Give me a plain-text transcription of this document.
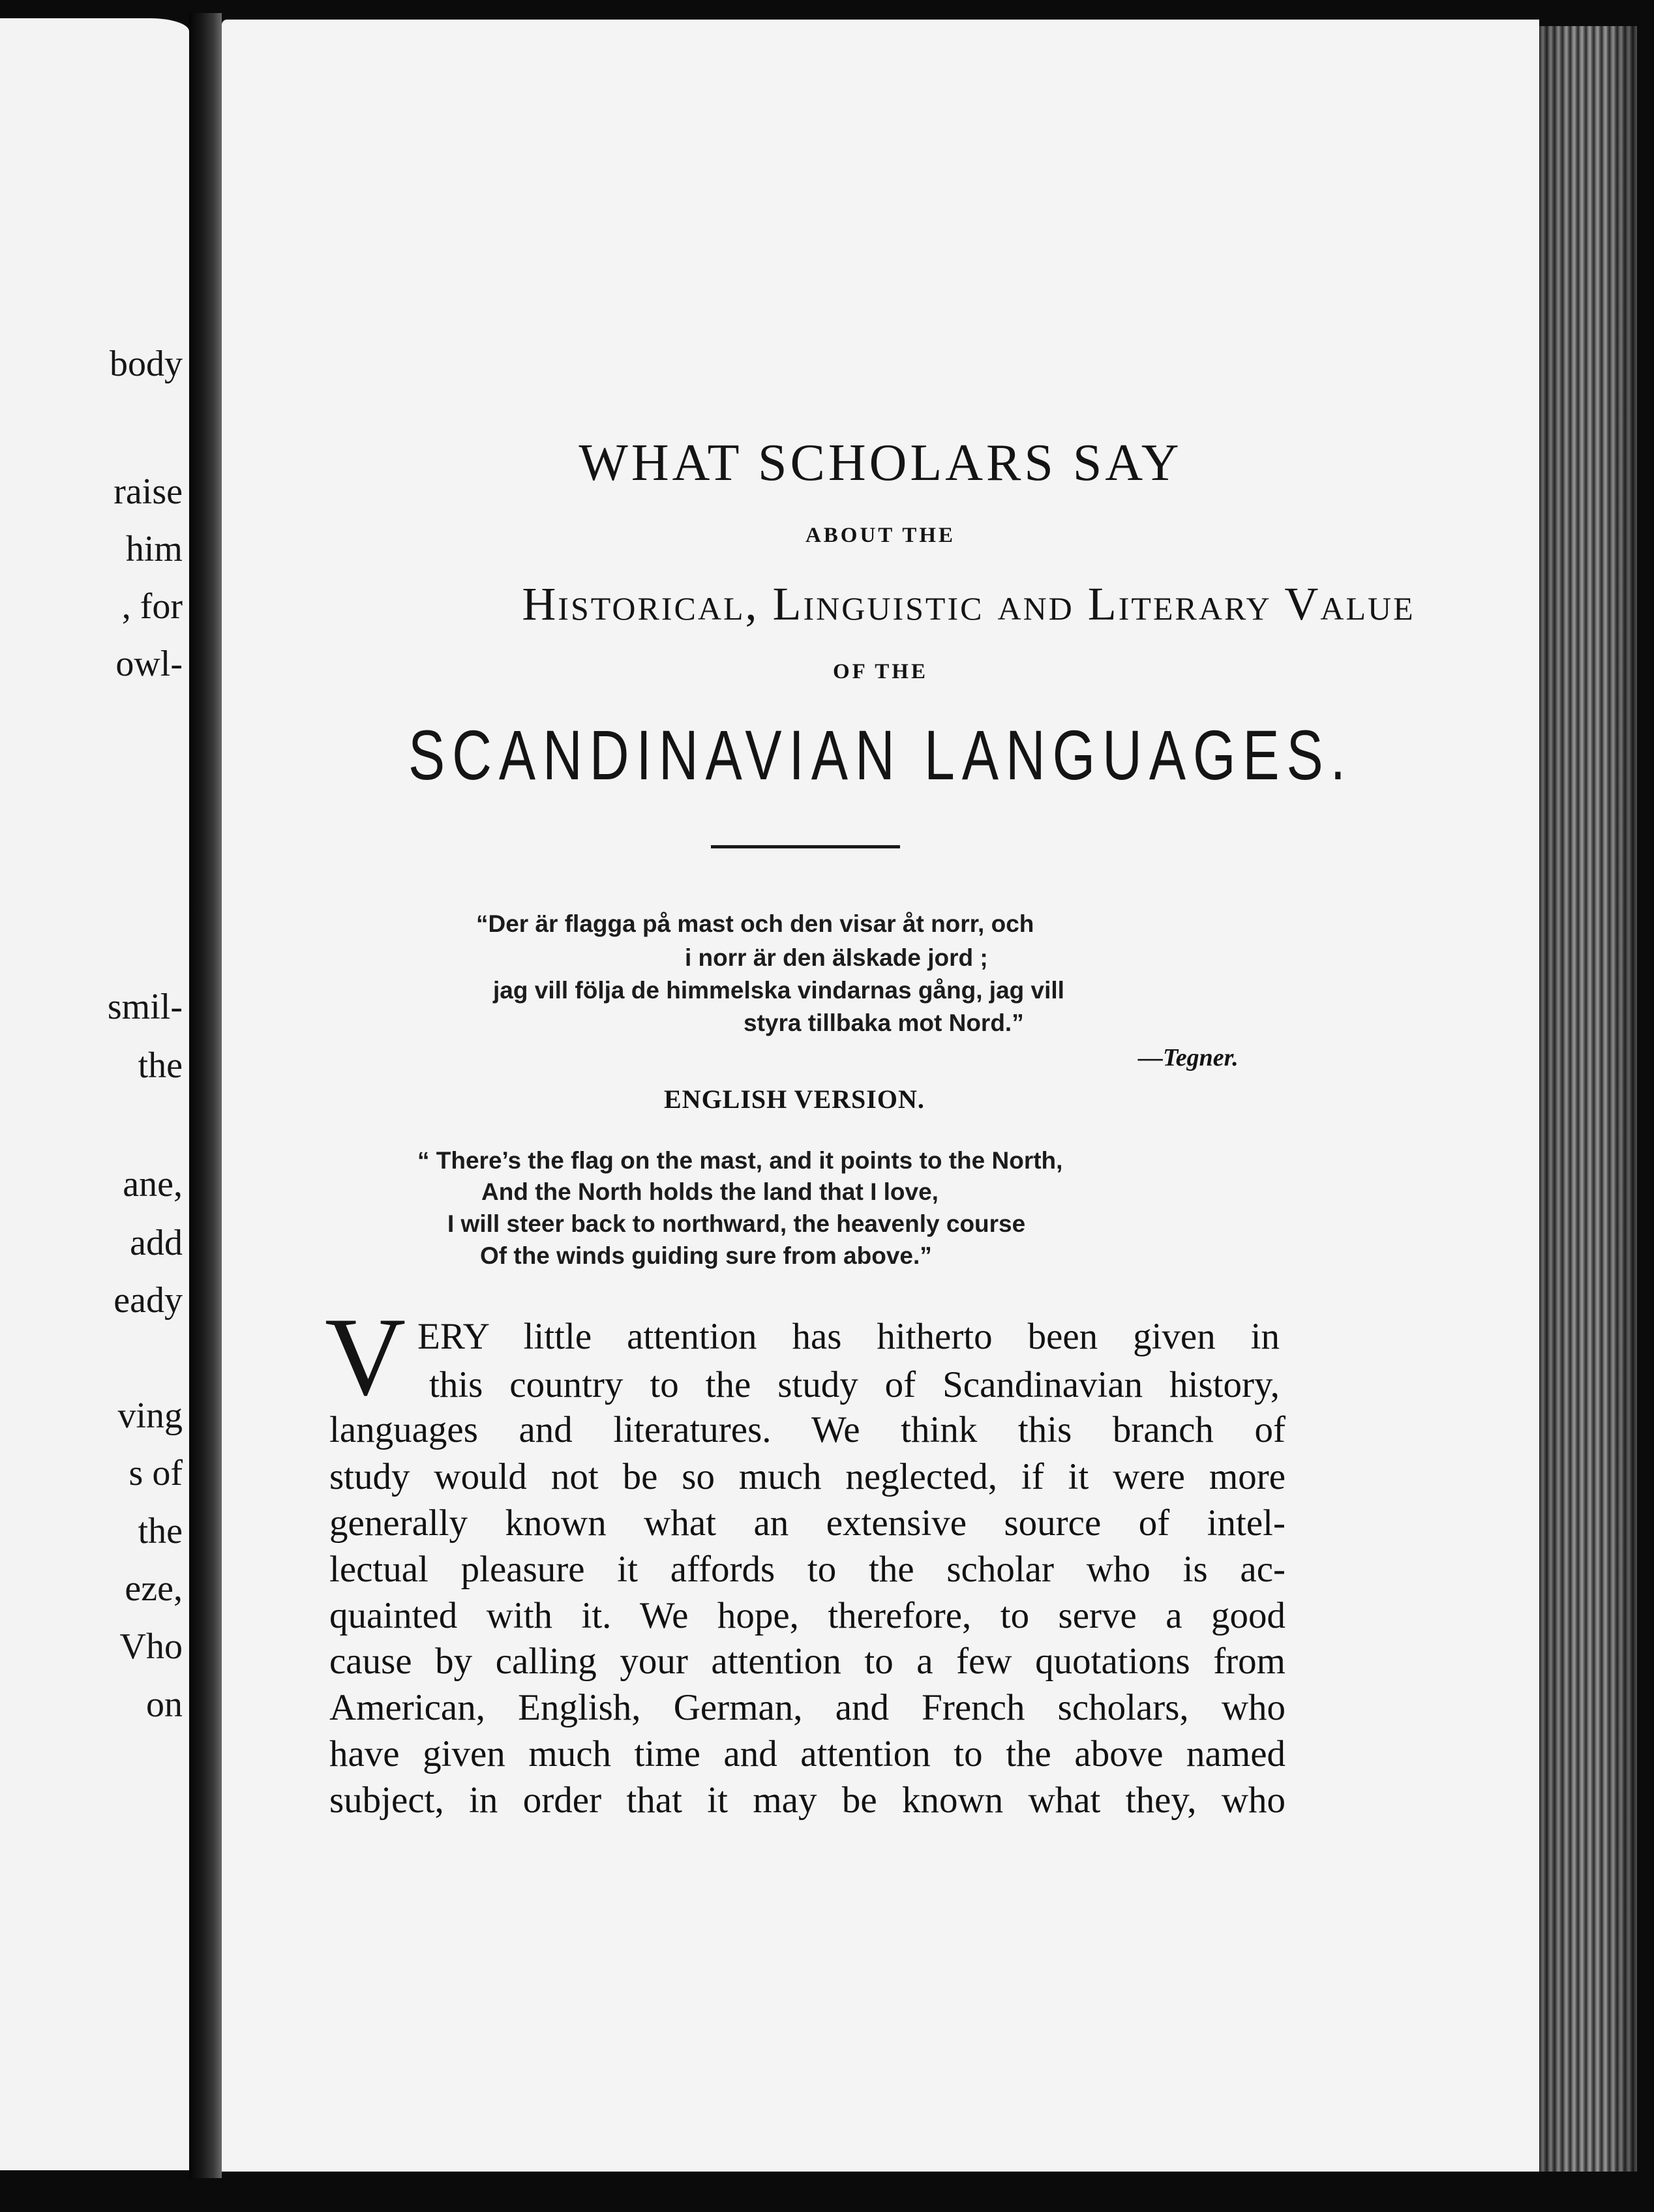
body
raise
him
, for
owl-
smil-
the
ane,
add
eady
ving
s of
the
eze,
Vho
on
WHAT SCHOLARS SAY
ABOUT THE
Historical, Linguistic and Literary Value
OF THE
SCANDINAVIAN LANGUAGES.
“Der är flagga på mast och den visar åt norr, och
i norr är den älskade jord ;
jag vill följa de himmelska vindarnas gång, jag vill
styra tillbaka mot Nord.”
—Tegner.
ENGLISH VERSION.
“ There’s the flag on the mast, and it points to the North,
And the North holds the land that I love,
I will steer back to northward, the heavenly course
Of the winds guiding sure from above.”
V ERY little attention has hitherto been given in
this country to the study of Scandinavian history,
languages and literatures. We think this branch of
study would not be so much neglected, if it were more
generally known what an extensive source of intel-
lectual pleasure it affords to the scholar who is ac-
quainted with it. We hope, therefore, to serve a good
cause by calling your attention to a few quotations from
American, English, German, and French scholars, who
have given much time and attention to the above named
subject, in order that it may be known what they, who
